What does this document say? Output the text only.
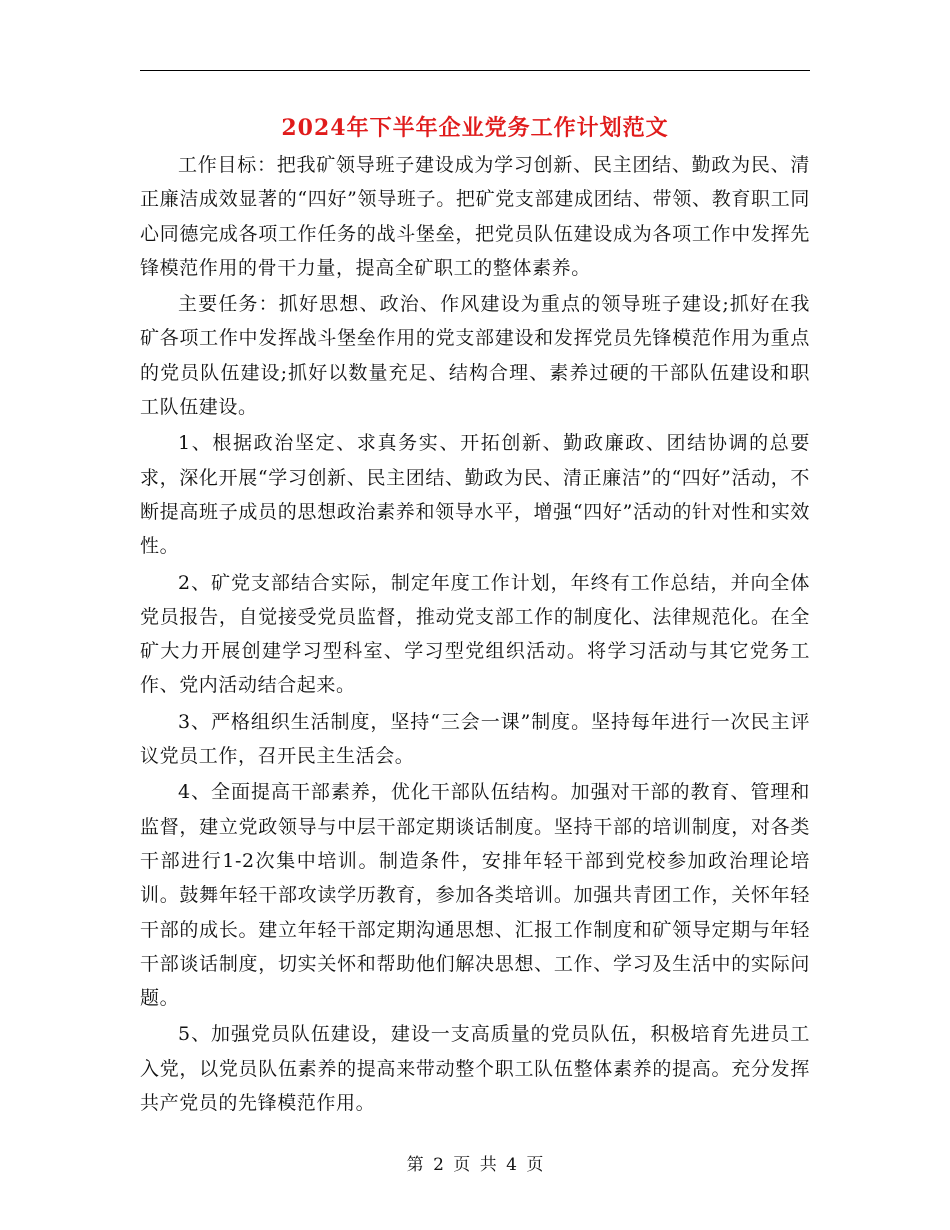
2024年下半年企业党务工作计划范文

工作目标：把我矿领导班子建设成为学习创新、民主团结、勤政为民、清正廉洁成效显著的“四好”领导班子。把矿党支部建成团结、带领、教育职工同心同德完成各项工作任务的战斗堡垒，把党员队伍建设成为各项工作中发挥先锋模范作用的骨干力量，提高全矿职工的整体素养。

主要任务：抓好思想、政治、作风建设为重点的领导班子建设;抓好在我矿各项工作中发挥战斗堡垒作用的党支部建设和发挥党员先锋模范作用为重点的党员队伍建设;抓好以数量充足、结构合理、素养过硬的干部队伍建设和职工队伍建设。

1、根据政治坚定、求真务实、开拓创新、勤政廉政、团结协调的总要求，深化开展“学习创新、民主团结、勤政为民、清正廉洁”的“四好”活动，不断提高班子成员的思想政治素养和领导水平，增强“四好”活动的针对性和实效性。

2、矿党支部结合实际，制定年度工作计划，年终有工作总结，并向全体党员报告，自觉接受党员监督，推动党支部工作的制度化、法律规范化。在全矿大力开展创建学习型科室、学习型党组织活动。将学习活动与其它党务工作、党内活动结合起来。

3、严格组织生活制度，坚持“三会一课”制度。坚持每年进行一次民主评议党员工作，召开民主生活会。

4、全面提高干部素养，优化干部队伍结构。加强对干部的教育、管理和监督，建立党政领导与中层干部定期谈话制度。坚持干部的培训制度，对各类干部进行1-2次集中培训。制造条件，安排年轻干部到党校参加政治理论培训。鼓舞年轻干部攻读学历教育，参加各类培训。加强共青团工作，关怀年轻干部的成长。建立年轻干部定期沟通思想、汇报工作制度和矿领导定期与年轻干部谈话制度，切实关怀和帮助他们解决思想、工作、学习及生活中的实际问题。

5、加强党员队伍建设，建设一支高质量的党员队伍，积极培育先进员工入党，以党员队伍素养的提高来带动整个职工队伍整体素养的提高。充分发挥共产党员的先锋模范作用。

第 2 页 共 4 页
